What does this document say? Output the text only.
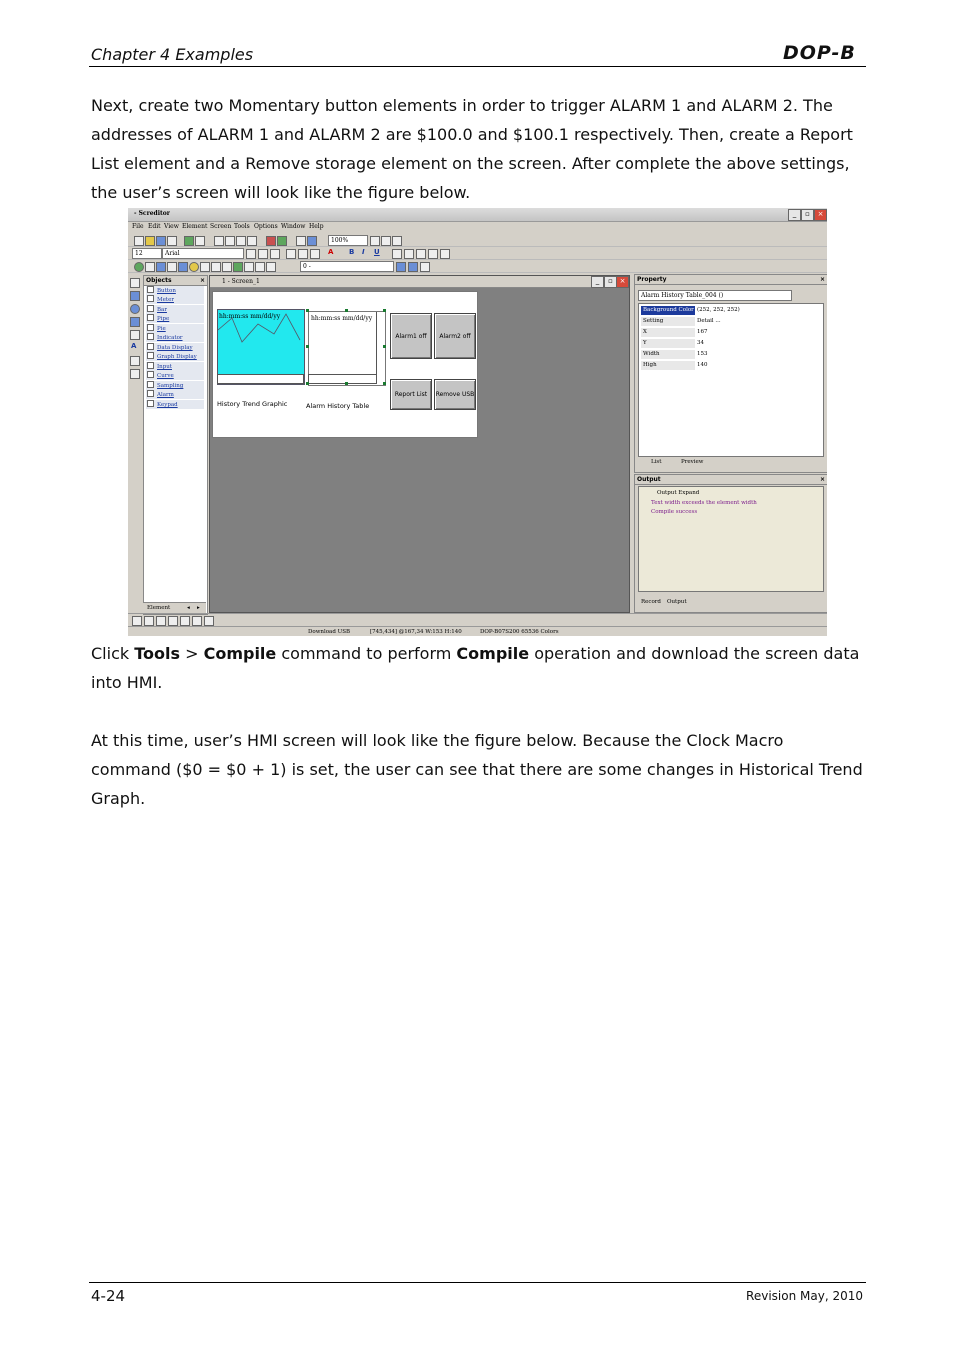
Chapter 4 Examples	DOP-B

Next, create two Momentary button elements in order to trigger ALARM 1 and ALARM 2. The addresses of ALARM 1 and ALARM 2 are $100.0 and $100.1 respectively. Then, create a Report List element and a Remove storage element on the screen. After complete the above settings, the user’s screen will look like the figure below.

- Screditor	_	▫	×
File Edit View Element Screen Tools Options Window Help
100%
12	Arial	A B I U
0 -
A
Objects	×
Button
Meter
Bar
Pipe
Pie
Indicator
Data Display
Graph Display
Input
Curve
Sampling
Alarm
Keypad
Element	◂ ▸
1 - Screen_1	_	▫ ×
hh:mm:ss mm/dd/yy
History Trend Graphic
hh:mm:ss mm/dd/yy
Alarm History Table
Alarm1 off	Alarm2 off
Report List	Remove USB
Property	×
Alarm History Table_004 ()
Background Color (252, 252, 252)
Setting	Detail ...
X	167
Y	34
Width	153
High	140
List	Preview
Output	×
Output Expand
Text width exceeds the element width
Compile success
Record Output
Download USB	[745,434] @167,34 W:153 H:140	DOP-B07S200 65536 Colors

Click Tools > Compile command to perform Compile operation and download the screen data into HMI.

At this time, user’s HMI screen will look like the figure below. Because the Clock Macro command ($0 = $0 + 1) is set, the user can see that there are some changes in Historical Trend Graph.

4-24	Revision May, 2010
